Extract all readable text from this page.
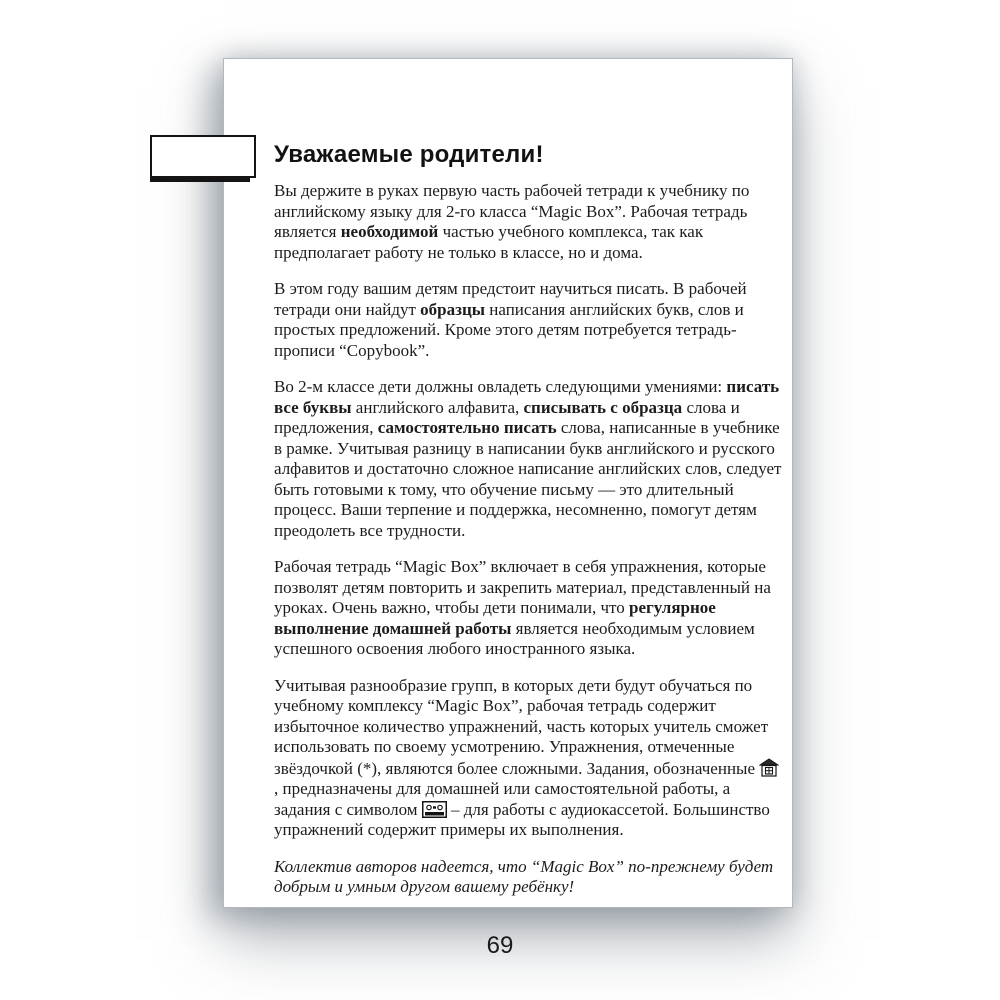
Уважаемые родители!

Вы держите в руках первую часть рабочей тетради к учебнику по английскому языку для 2-го класса “Magic Box”. Рабочая тетрадь является необходимой частью учебного комплекса, так как предполагает работу не только в классе, но и дома.

В этом году вашим детям предстоит научиться писать. В рабочей тетради они найдут образцы написания английских букв, слов и простых предложений. Кроме этого детям потребуется тетрадь-прописи “Copybook”.

Во 2-м классе дети должны овладеть следующими умениями: писать все буквы английского алфавита, списывать с образца слова и предложения, самостоятельно писать слова, написанные в учебнике в рамке. Учитывая разницу в написании букв английского и русского алфавитов и достаточно сложное написание английских слов, следует быть готовыми к тому, что обучение письму — это длительный процесс. Ваши терпение и поддержка, несомненно, помогут детям преодолеть все трудности.

Рабочая тетрадь “Magic Box” включает в себя упражнения, которые позволят детям повторить и закрепить материал, представленный на уроках. Очень важно, чтобы дети понимали, что регулярное выполнение домашней работы является необходимым условием успешного освоения любого иностранного языка.

Учитывая разнообразие групп, в которых дети будут обучаться по учебному комплексу “Magic Box”, рабочая тетрадь содержит избыточное количество упражнений, часть которых учитель сможет использовать по своему усмотрению. Упражнения, отмеченные звёздочкой (*), являются более сложными. Задания, обозначенные  , предназначены для домашней или самостоятельной работы, а задания с символом  – для работы с аудиокассетой. Большинство упражнений содержит примеры их выполнения.

Коллектив авторов надеется, что “Magic Box” по-прежнему будет добрым и умным другом вашему ребёнку!

69
